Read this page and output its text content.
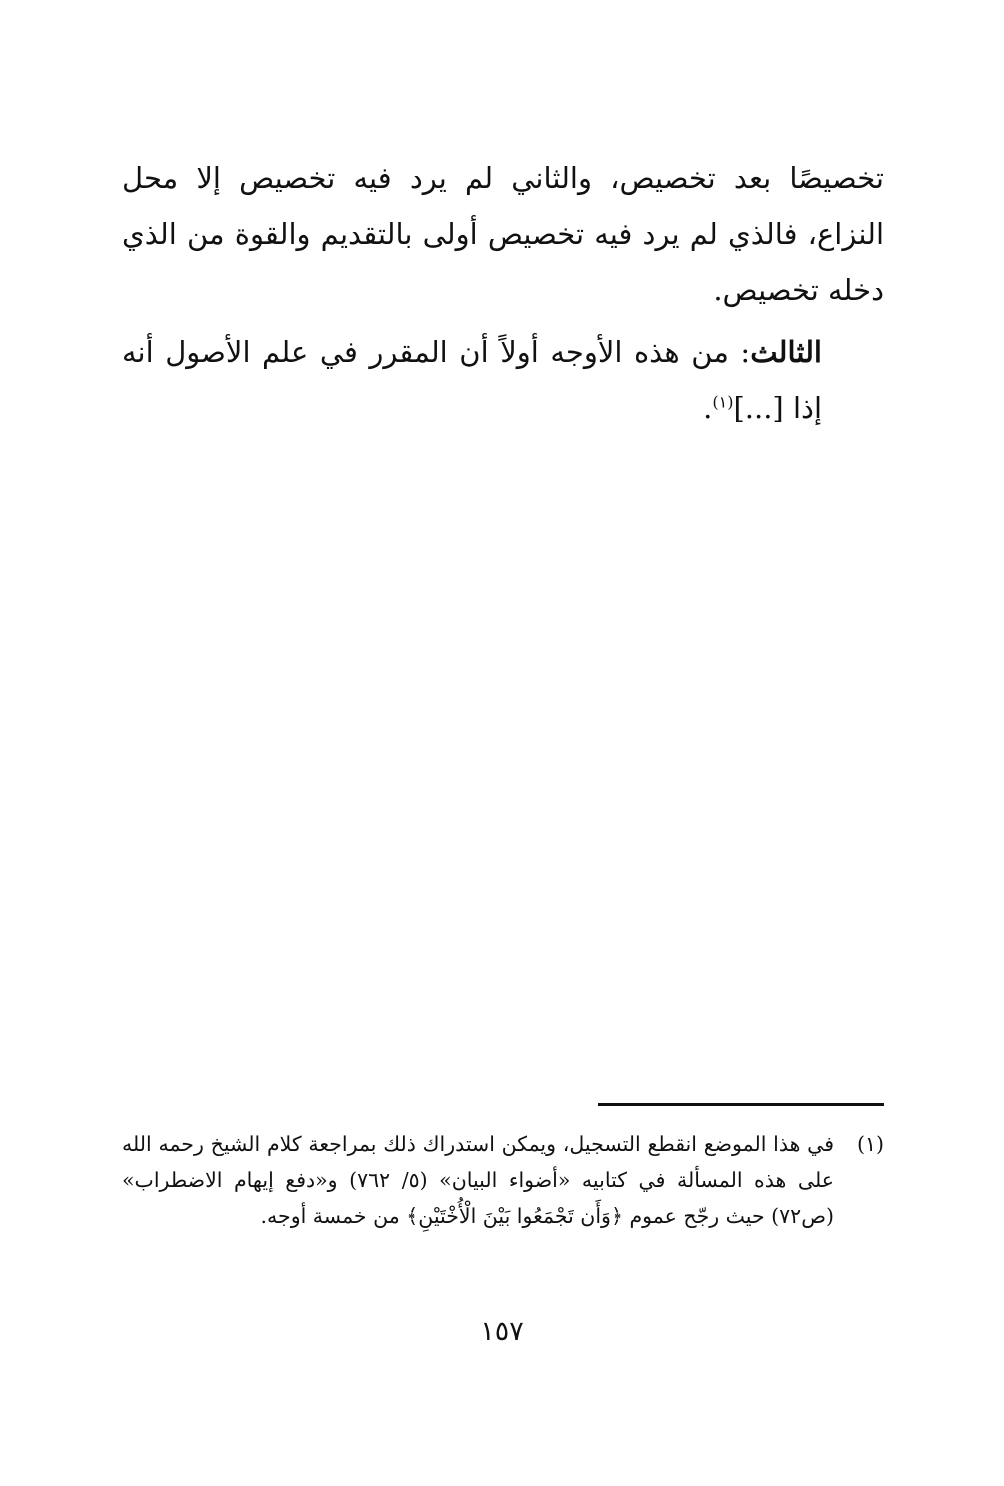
تخصيصًا بعد تخصيص، والثاني لم يرد فيه تخصيص إلا محل النزاع، فالذي لم يرد فيه تخصيص أولى بالتقديم والقوة من الذي دخله تخصيص.

الثالث: من هذه الأوجه أولاً أن المقرر في علم الأصول أنه إذا [...]$^{(١)}$.

(١)
في هذا الموضع انقطع التسجيل، ويمكن استدراك ذلك بمراجعة كلام الشيخ رحمه الله على هذه المسألة في كتابيه «أضواء البيان» (٥/ ٧٦٢) و«دفع إيهام الاضطراب» (ص٧٢) حيث رجّح عموم ﴿وَأَن تَجْمَعُوا بَيْنَ الْأُخْتَيْنِ﴾ من خمسة أوجه.
١٥٧
